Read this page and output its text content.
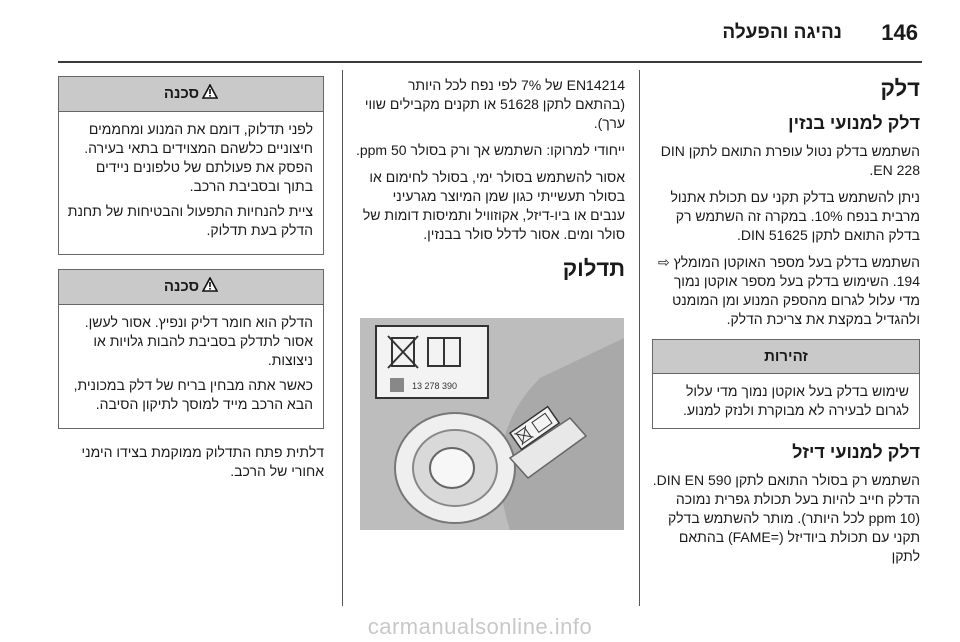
146
נהיגה והפעלה
דלק
דלק למנועי בנזין

השתמש בדלק נטול עופרת התואם לתקן DIN EN 228.

ניתן להשתמש בדלק תקני עם תכולת אתנול מרבית בנפח 10%. במקרה זה השתמש רק בדלק התואם לתקן DIN 51625.

השתמש בדלק בעל מספר האוקטן המומלץ ⇨ 194. השימוש בדלק בעל מספר אוקטן נמוך מדי עלול לגרום מהספק המנוע ומן המומנט ולהגדיל במקצת את צריכת הדלק.

זהירות
שימוש בדלק בעל אוקטן נמוך מדי עלול לגרום לבעירה לא מבוקרת ולנזק למנוע.
דלק למנועי דיזל

השתמש רק בסולר התואם לתקן DIN EN 590. הדלק חייב להיות בעל תכולת גפרית נמוכה (10 ppm לכל היותר). מותר להשתמש בדלק תקני עם תכולת ביודיזל (=FAME) בהתאם לתקן

EN14214 של 7% לפי נפח לכל היותר (בהתאם לתקן 51628 או תקנים מקבילים שווי ערך).

ייחודי למרוקו: השתמש אך ורק בסולר 50 ppm.

אסור להשתמש בסולר ימי, בסולר לחימום או בסולר תעשייתי כגון שמן המיוצר מגרעיני ענבים או ביו-דיזל, אקוזוויל ותמיסות דומות של סולר ומים. אסור לדלל סולר בבנזין.

תדלוק
13 278 390
סכנה

לפני תדלוק, דומם את המנוע ומחממים חיצוניים כלשהם המצוידים בתאי בעירה. הפסק את פעולתם של טלפונים ניידים בתוך ובסביבת הרכב.

ציית להנחיות התפעול והבטיחות של תחנת הדלק בעת תדלוק.

סכנה

הדלק הוא חומר דליק ונפיץ. אסור לעשן. אסור לתדלק בסביבת להבות גלויות או ניצוצות.

כאשר אתה מבחין בריח של דלק במכונית, הבא הרכב מייד למוסך לתיקון הסיבה.

דלתית פתח התדלוק ממוקמת בצידו הימני אחורי של הרכב.

carmanualsonline.info
